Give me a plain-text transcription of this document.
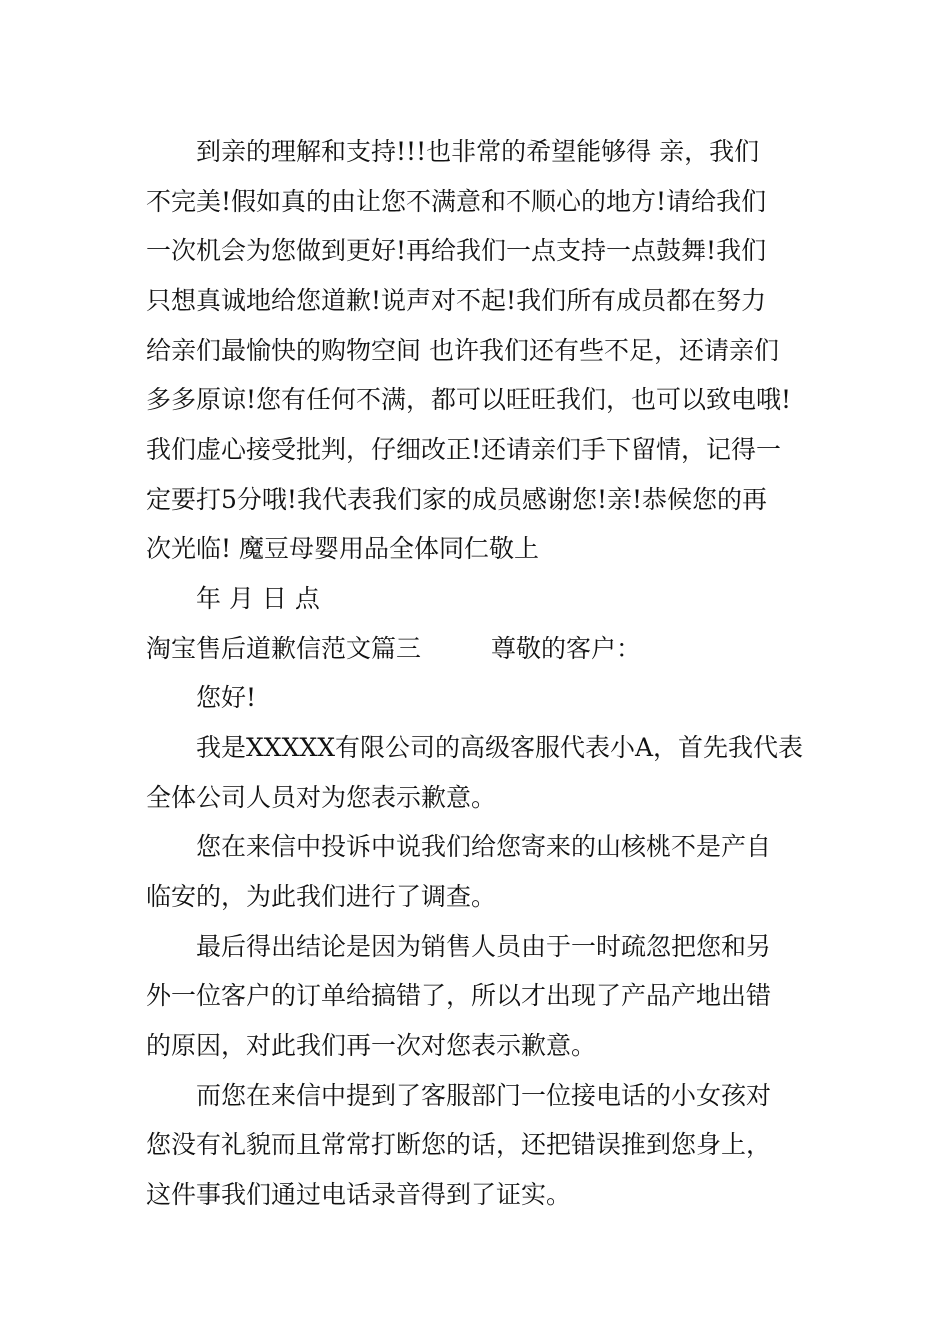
到亲的理解和支持!!!也非常的希望能够得 亲，我们

不完美!假如真的由让您不满意和不顺心的地方!请给我们

一次机会为您做到更好!再给我们一点支持一点鼓舞!我们

只想真诚地给您道歉!说声对不起!我们所有成员都在努力

给亲们最愉快的购物空间 也许我们还有些不足，还请亲们

多多原谅!您有任何不满，都可以旺旺我们，也可以致电哦!

我们虚心接受批判，仔细改正!还请亲们手下留情，记得一

定要打5分哦!我代表我们家的成员感谢您!亲!恭候您的再

次光临! 魔豆母婴用品全体同仁敬上

年 月 日 点

淘宝售后道歉信范文篇三	尊敬的客户：

您好!

我是XXXXX有限公司的高级客服代表小A，首先我代表

全体公司人员对为您表示歉意。

您在来信中投诉中说我们给您寄来的山核桃不是产自

临安的，为此我们进行了调查。

最后得出结论是因为销售人员由于一时疏忽把您和另

外一位客户的订单给搞错了，所以才出现了产品产地出错

的原因，对此我们再一次对您表示歉意。

而您在来信中提到了客服部门一位接电话的小女孩对

您没有礼貌而且常常打断您的话，还把错误推到您身上，

这件事我们通过电话录音得到了证实。
